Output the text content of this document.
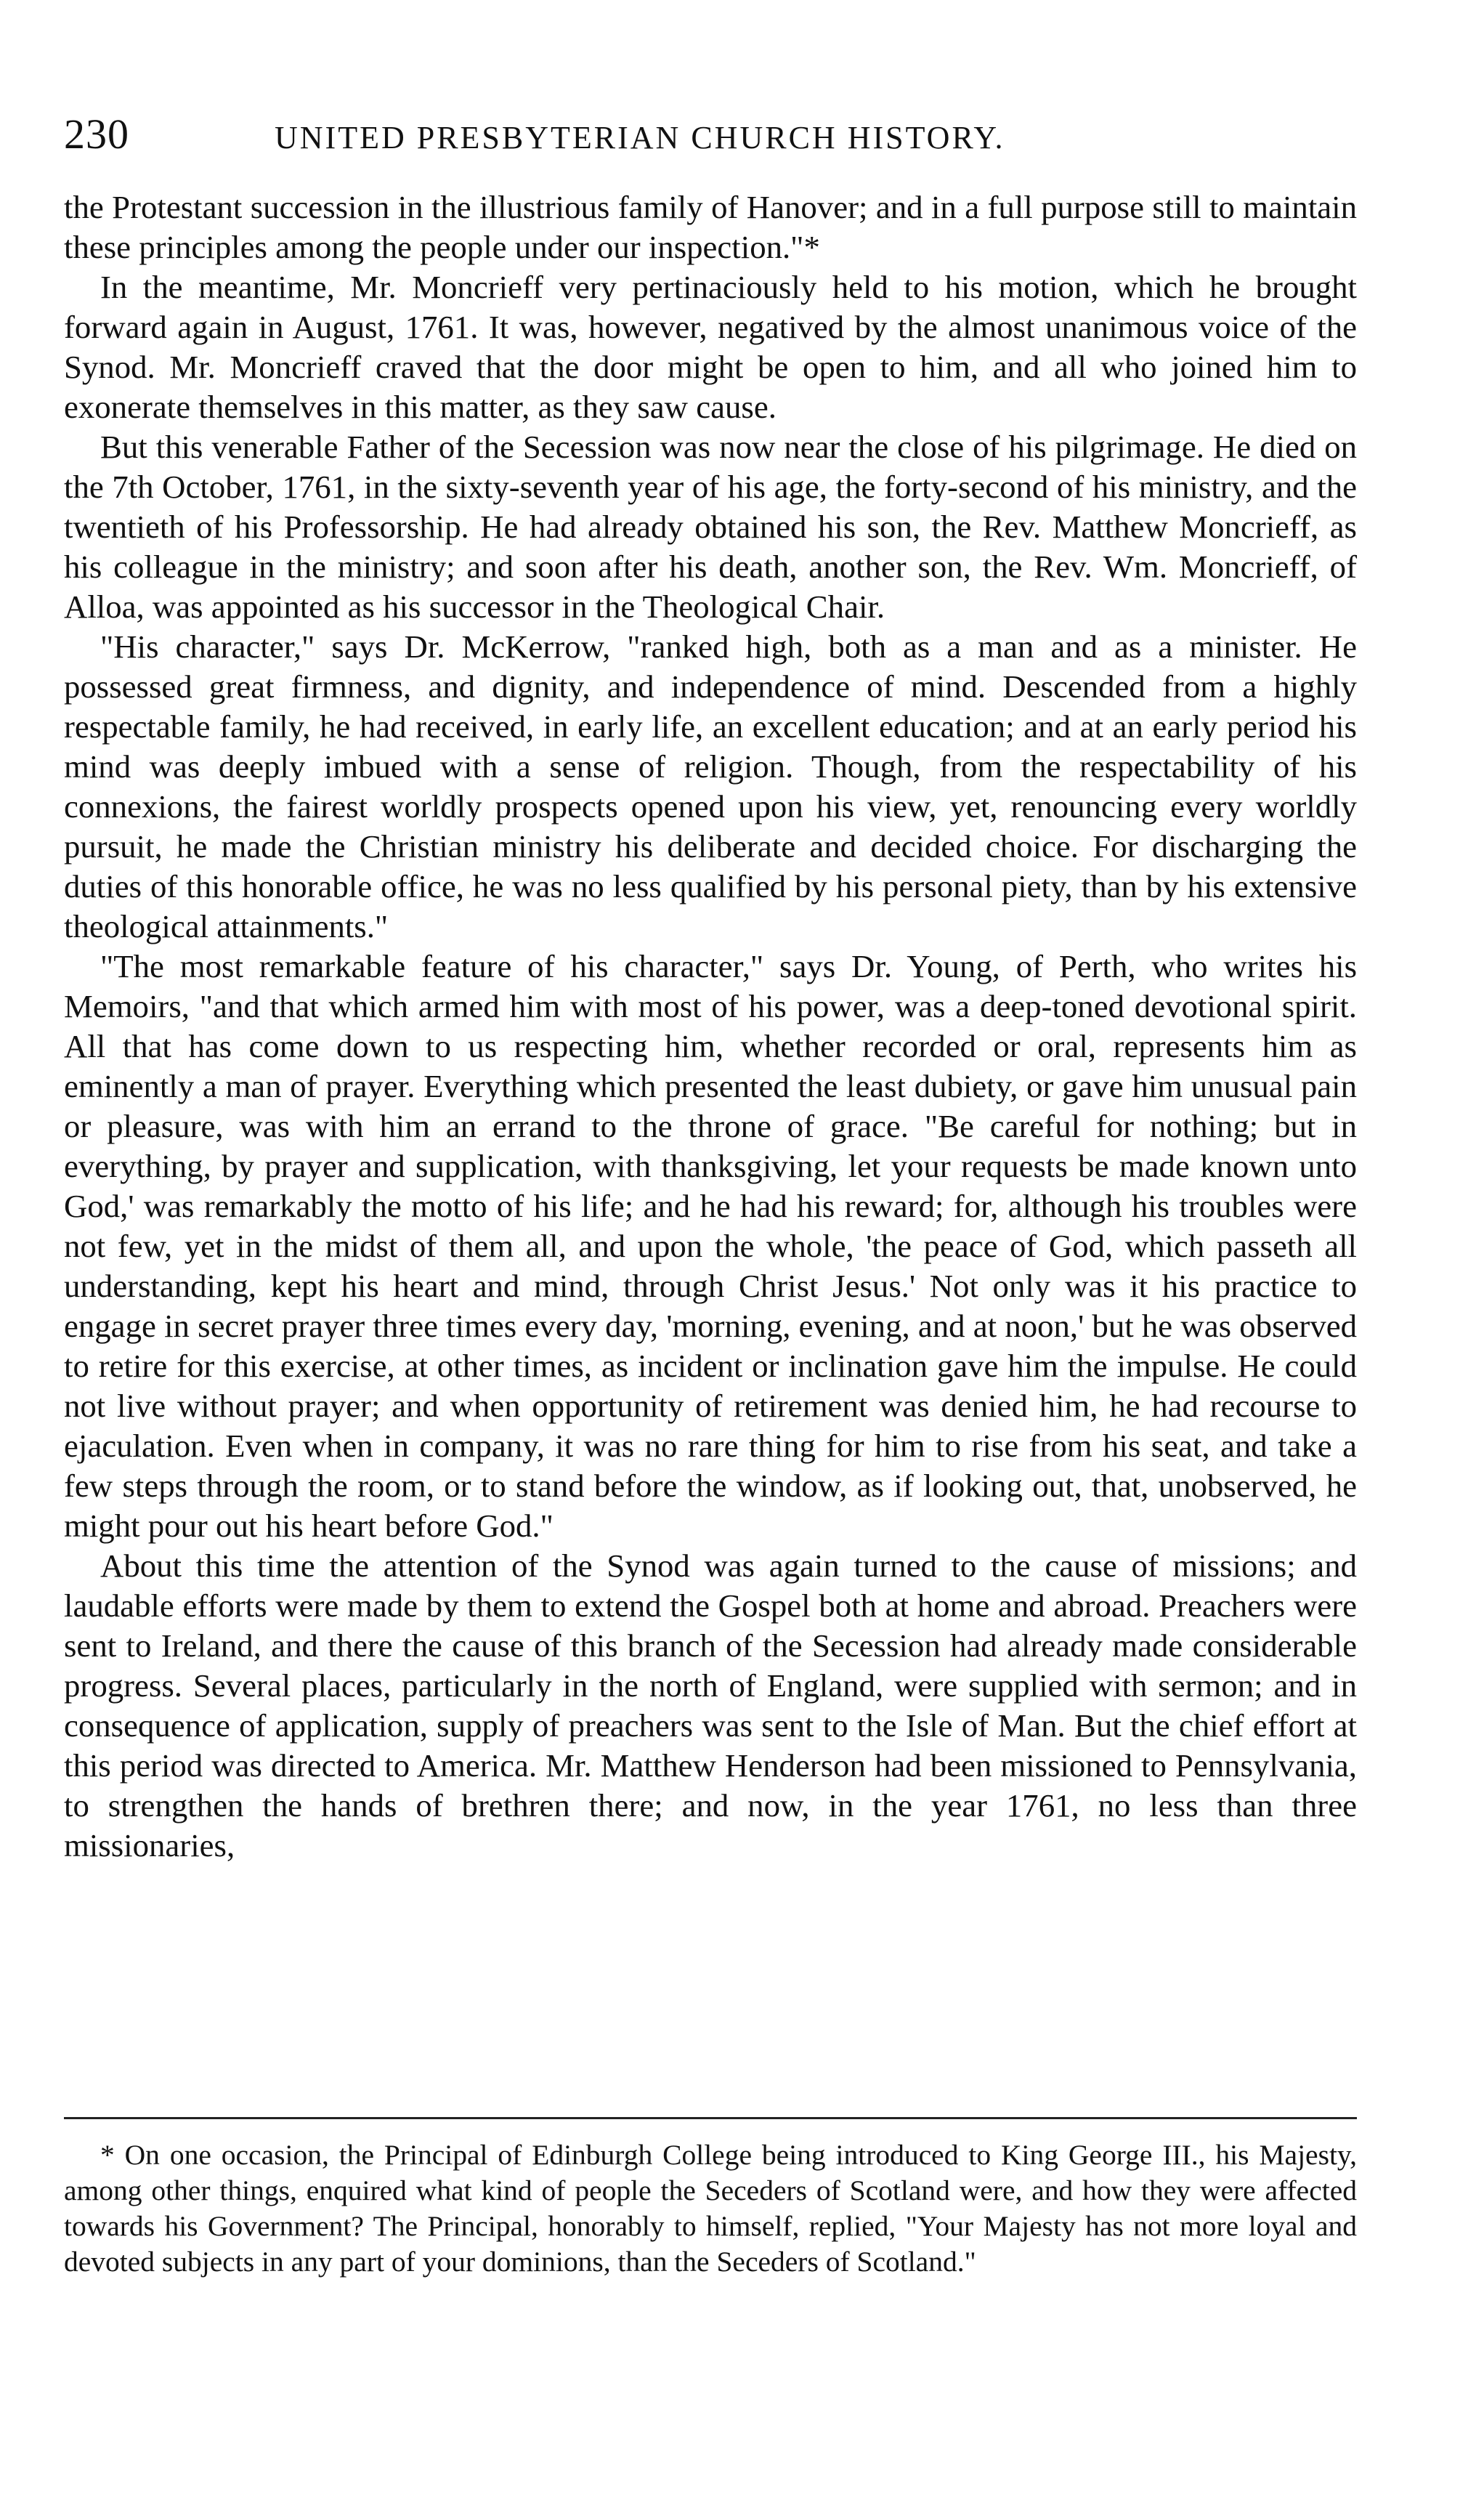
230	UNITED PRESBYTERIAN CHURCH HISTORY.

the Protestant succession in the illustrious family of Hanover; and in a full purpose still to maintain these principles among the people under our inspection."*

In the meantime, Mr. Moncrieff very pertinaciously held to his motion, which he brought forward again in August, 1761. It was, however, negatived by the almost unanimous voice of the Synod. Mr. Moncrieff craved that the door might be open to him, and all who joined him to exonerate themselves in this matter, as they saw cause.

But this venerable Father of the Secession was now near the close of his pilgrimage. He died on the 7th October, 1761, in the sixty-seventh year of his age, the forty-second of his ministry, and the twentieth of his Professorship. He had already obtained his son, the Rev. Matthew Moncrieff, as his colleague in the ministry; and soon after his death, another son, the Rev. Wm. Moncrieff, of Alloa, was appointed as his successor in the Theological Chair.

"His character," says Dr. McKerrow, "ranked high, both as a man and as a minister. He possessed great firmness, and dignity, and independence of mind. Descended from a highly respectable family, he had received, in early life, an excellent education; and at an early period his mind was deeply imbued with a sense of religion. Though, from the respectability of his connexions, the fairest worldly prospects opened upon his view, yet, renouncing every worldly pursuit, he made the Christian ministry his deliberate and decided choice. For discharging the duties of this honorable office, he was no less qualified by his personal piety, than by his extensive theological attainments."

"The most remarkable feature of his character," says Dr. Young, of Perth, who writes his Memoirs, "and that which armed him with most of his power, was a deep-toned devotional spirit. All that has come down to us respecting him, whether recorded or oral, represents him as eminently a man of prayer. Everything which presented the least dubiety, or gave him unusual pain or pleasure, was with him an errand to the throne of grace. "Be careful for nothing; but in everything, by prayer and supplication, with thanksgiving, let your requests be made known unto God,' was remarkably the motto of his life; and he had his reward; for, although his troubles were not few, yet in the midst of them all, and upon the whole, 'the peace of God, which passeth all understanding, kept his heart and mind, through Christ Jesus.' Not only was it his practice to engage in secret prayer three times every day, 'morning, evening, and at noon,' but he was observed to retire for this exercise, at other times, as incident or inclination gave him the impulse. He could not live without prayer; and when opportunity of retirement was denied him, he had recourse to ejaculation. Even when in company, it was no rare thing for him to rise from his seat, and take a few steps through the room, or to stand before the window, as if looking out, that, unobserved, he might pour out his heart before God."

About this time the attention of the Synod was again turned to the cause of missions; and laudable efforts were made by them to extend the Gospel both at home and abroad. Preachers were sent to Ireland, and there the cause of this branch of the Secession had already made considerable progress. Several places, particularly in the north of England, were supplied with sermon; and in consequence of application, supply of preachers was sent to the Isle of Man. But the chief effort at this period was directed to America. Mr. Matthew Henderson had been missioned to Pennsylvania, to strengthen the hands of brethren there; and now, in the year 1761, no less than three missionaries,

* On one occasion, the Principal of Edinburgh College being introduced to King George III., his Majesty, among other things, enquired what kind of people the Seceders of Scotland were, and how they were affected towards his Government? The Principal, honorably to himself, replied, "Your Majesty has not more loyal and devoted subjects in any part of your dominions, than the Seceders of Scotland."
